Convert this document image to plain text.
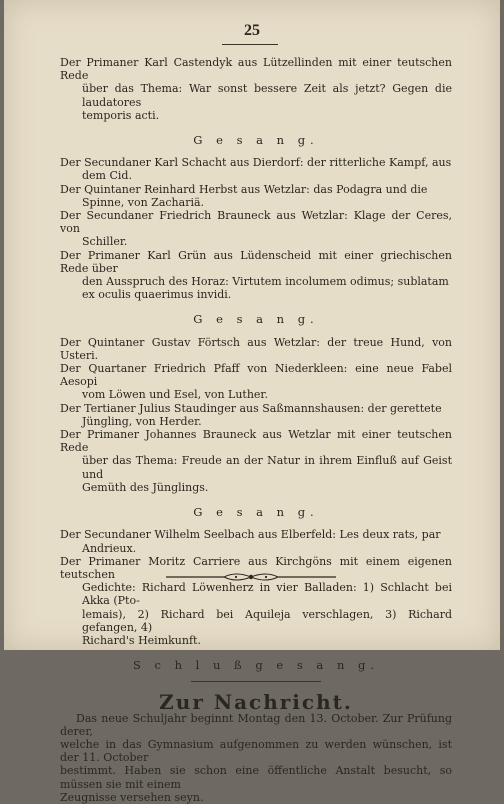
25
Der Primaner Karl Castendyk aus Lützellinden mit einer teutschen Rede
über das Thema: War sonst bessere Zeit als jetzt? Gegen die laudatores
temporis acti.
G e s a n g.
Der Secundaner Karl Schacht aus Dierdorf: der ritterliche Kampf, aus
dem Cid.
Der Quintaner Reinhard Herbst aus Wetzlar: das Podagra und die
Spinne, von Zachariä.
Der Secundaner Friedrich Brauneck aus Wetzlar: Klage der Ceres, von
Schiller.
Der Primaner Karl Grün aus Lüdenscheid mit einer griechischen Rede über
den Ausspruch des Horaz: Virtutem incolumem odimus; sublatam
ex oculis quaerimus invidi.
G e s a n g.
Der Quintaner Gustav Förtsch aus Wetzlar: der treue Hund, von Usteri.
Der Quartaner Friedrich Pfaff von Niederkleen: eine neue Fabel Aesopi
vom Löwen und Esel, von Luther.
Der Tertianer Julius Staudinger aus Saßmannshausen: der gerettete
Jüngling, von Herder.
Der Primaner Johannes Brauneck aus Wetzlar mit einer teutschen Rede
über das Thema: Freude an der Natur in ihrem Einfluß auf Geist und
Gemüth des Jünglings.
G e s a n g.
Der Secundaner Wilhelm Seelbach aus Elberfeld: Les deux rats, par
Andrieux.
Der Primaner Moritz Carriere aus Kirchgöns mit einem eigenen teutschen
Gedichte: Richard Löwenherz in vier Balladen: 1) Schlacht bei Akka (Pto-
lemais), 2) Richard bei Aquileja verschlagen, 3) Richard gefangen, 4)
Richard's Heimkunft.
S c h l u ß g e s a n g.
Zur Nachricht.
Das neue Schuljahr beginnt Montag den 13. October. Zur Prüfung derer,
welche in das Gymnasium aufgenommen zu werden wünschen, ist der 11. October
bestimmt. Haben sie schon eine öffentliche Anstalt besucht, so müssen sie mit einem
Zeugnisse versehen seyn.
